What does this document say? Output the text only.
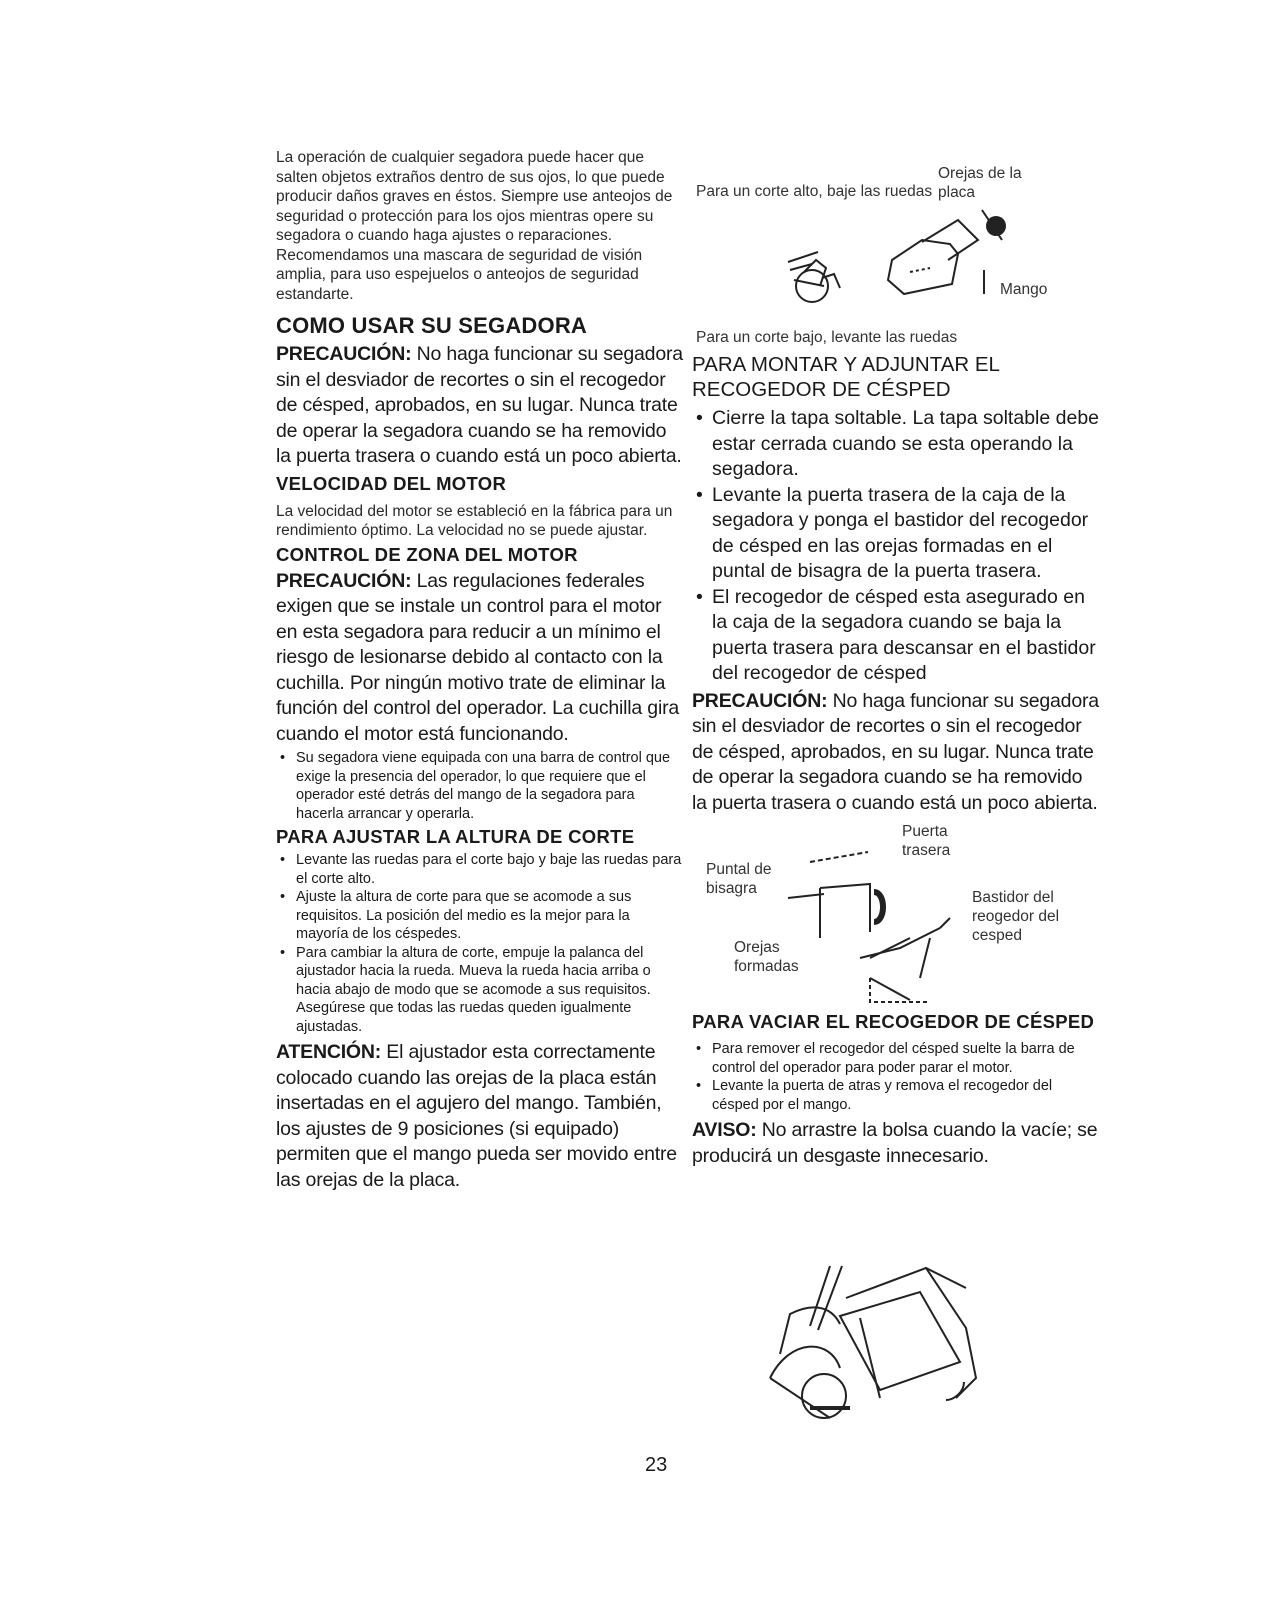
La operación de cualquier segadora puede hacer que salten objetos extraños dentro de sus ojos, lo que puede producir daños graves en éstos. Siempre use anteojos de seguridad o protección para los ojos mientras opere su segadora o cuando haga ajustes o reparaciones. Recomendamos una mascara de seguridad de visión amplia, para uso espejuelos o anteojos de seguridad estandarte.

COMO USAR SU SEGADORA

PRECAUCIÓN: No haga funcionar su segadora sin el desviador de recortes o sin el recogedor de césped, aprobados, en su lugar. Nunca trate de operar la segadora cuando se ha removido la puerta trasera o cuando está un poco abierta.

VELOCIDAD DEL MOTOR

La velocidad del motor se estableció en la fábrica para un rendimiento óptimo. La velocidad no se puede ajustar.

CONTROL DE ZONA DEL MOTOR

PRECAUCIÓN: Las regulaciones federales exigen que se instale un control para el motor en esta segadora para reducir a un mínimo el riesgo de lesionarse debido al contacto con la cuchilla. Por ningún motivo trate de eliminar la función del control del operador. La cuchilla gira cuando el motor está funcionando.

• Su segadora viene equipada con una barra de control que exige la presencia del operador, lo que requiere que el operador esté detrás del mango de la segadora para hacerla arrancar y operarla.

PARA AJUSTAR LA ALTURA DE CORTE

• Levante las ruedas para el corte bajo y baje las ruedas para el corte alto.
• Ajuste la altura de corte para que se acomode a sus requisitos. La posición del medio es la mejor para la mayoría de los céspedes.
• Para cambiar la altura de corte, empuje la palanca del ajustador hacia la rueda. Mueva la rueda hacia arriba o hacia abajo de modo que se acomode a sus requisitos. Asegúrese que todas las ruedas queden igualmente ajustadas.

ATENCIÓN: El ajustador esta correctamente colocado cuando las orejas de la placa están insertadas en el agujero del mango. También, los ajustes de 9 posiciones (si equipado) permiten que el mango pueda ser movido entre las orejas de la placa.

Para un corte alto, baje las ruedas
Orejas de la placa
Mango
Para un corte bajo, levante las ruedas

PARA MONTAR Y ADJUNTAR EL RECOGEDOR DE CÉSPED

• Cierre la tapa soltable. La tapa soltable debe estar cerrada cuando se esta operando la segadora.
• Levante la puerta trasera de la caja de la segadora y ponga el bastidor del recogedor de césped en las orejas formadas en el puntal de bisagra de la puerta trasera.
• El recogedor de césped esta asegurado en la caja de la segadora cuando se baja la puerta trasera para descansar en el bastidor del recogedor de césped

PRECAUCIÓN: No haga funcionar su segadora sin el desviador de recortes o sin el recogedor de césped, aprobados, en su lugar. Nunca trate de operar la segadora cuando se ha removido la puerta trasera o cuando está un poco abierta.

Puerta trasera
Puntal de bisagra
Bastidor del reogedor del cesped
Orejas formadas

PARA VACIAR EL RECOGEDOR DE CÉSPED

• Para remover el recogedor del césped suelte la barra de control del operador para poder parar el motor.
• Levante la puerta de atras y remova el recogedor del césped por el mango.

AVISO: No arrastre la bolsa cuando la vacíe; se producirá un desgaste innecesario.

23
